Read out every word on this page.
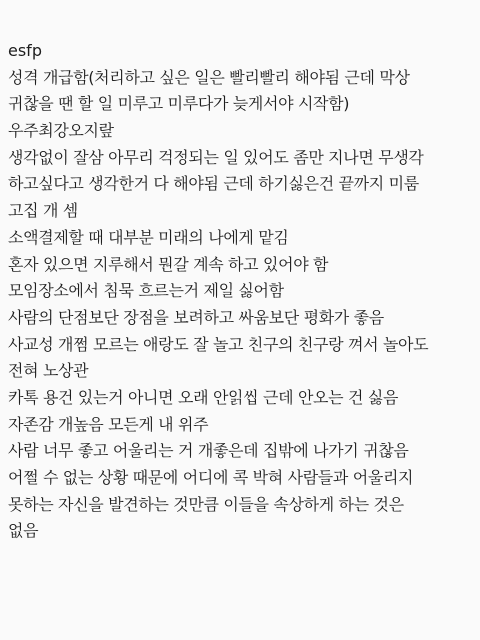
esfp
성격 개급함(처리하고 싶은 일은 빨리빨리 해야됨 근데 막상
귀찮을 땐 할 일 미루고 미루다가 늦게서야 시작함)
우주최강오지랖
생각없이 잘삼 아무리 걱정되는 일 있어도 좀만 지나면 무생각
하고싶다고 생각한거 다 해야됨 근데 하기싫은건 끝까지 미룸
고집 개 셈
소액결제할 때 대부분 미래의 나에게 맡김
혼자 있으면 지루해서 뭔갈 계속 하고 있어야 함
모임장소에서 침묵 흐르는거 제일 싫어함
사람의 단점보단 장점을 보려하고 싸움보단 평화가 좋음
사교성 개쩜 모르는 애랑도 잘 놀고 친구의 친구랑 껴서 놀아도
전혀 노상관
카톡 용건 있는거 아니면 오래 안읽씹 근데 안오는 건 싫음
자존감 개높음 모든게 내 위주
사람 너무 좋고 어울리는 거 개좋은데 집밖에 나가기 귀찮음
어쩔 수 없는 상황 때문에 어디에 콕 박혀 사람들과 어울리지
못하는 자신을 발견하는 것만큼 이들을 속상하게 하는 것은
없음
